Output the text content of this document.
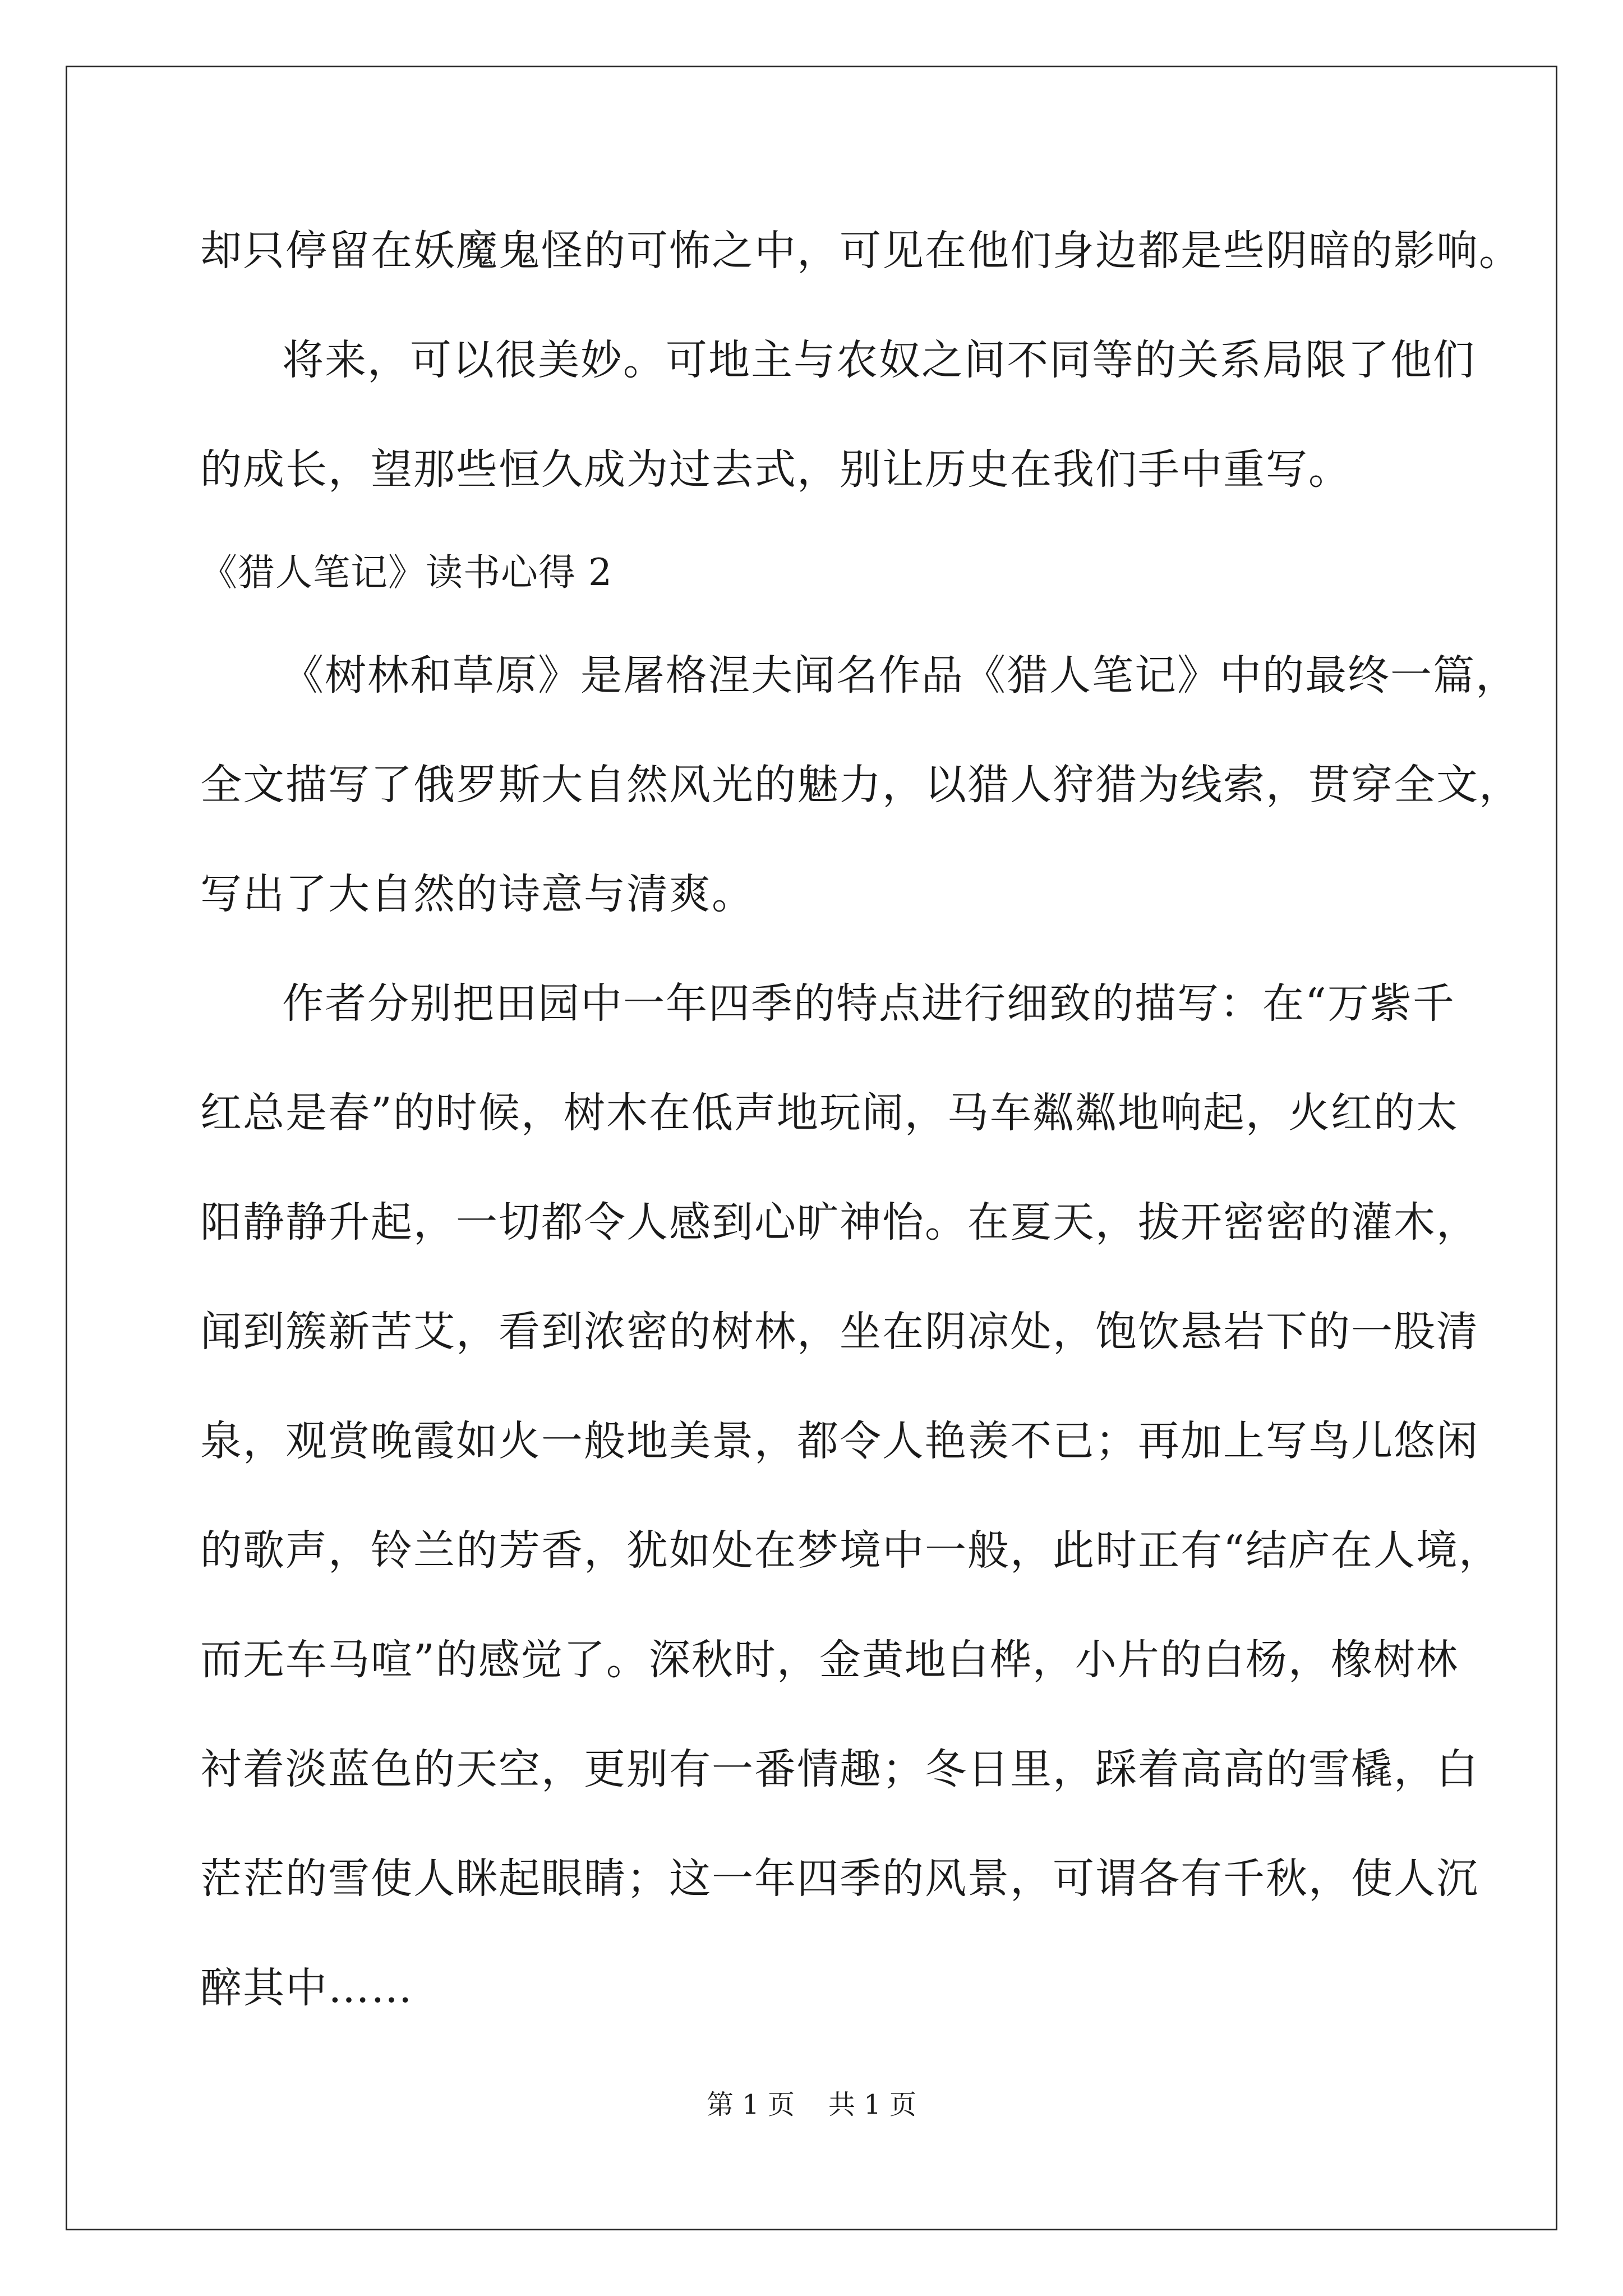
却只停留在妖魔鬼怪的可怖之中，可见在他们身边都是些阴暗的影响。
将来，可以很美妙。可地主与农奴之间不同等的关系局限了他们
的成长，望那些恒久成为过去式，别让历史在我们手中重写。
《猎人笔记》读书心得 2
《树林和草原》是屠格涅夫闻名作品《猎人笔记》中的最终一篇，
全文描写了俄罗斯大自然风光的魅力，以猎人狩猎为线索，贯穿全文，
写出了大自然的诗意与清爽。
作者分别把田园中一年四季的特点进行细致的描写：在“万紫千
红总是春”的时候，树木在低声地玩闹，马车粼粼地响起，火红的太
阳静静升起，一切都令人感到心旷神怡。在夏天，拔开密密的灌木，
闻到簇新苦艾，看到浓密的树林，坐在阴凉处，饱饮悬岩下的一股清
泉，观赏晚霞如火一般地美景，都令人艳羡不已；再加上写鸟儿悠闲
的歌声，铃兰的芳香，犹如处在梦境中一般，此时正有“结庐在人境，
而无车马喧”的感觉了。深秋时，金黄地白桦，小片的白杨，橡树林
衬着淡蓝色的天空，更别有一番情趣；冬日里，踩着高高的雪橇，白
茫茫的雪使人眯起眼睛；这一年四季的风景，可谓各有千秋，使人沉
醉其中……
第 1 页 共 1 页
